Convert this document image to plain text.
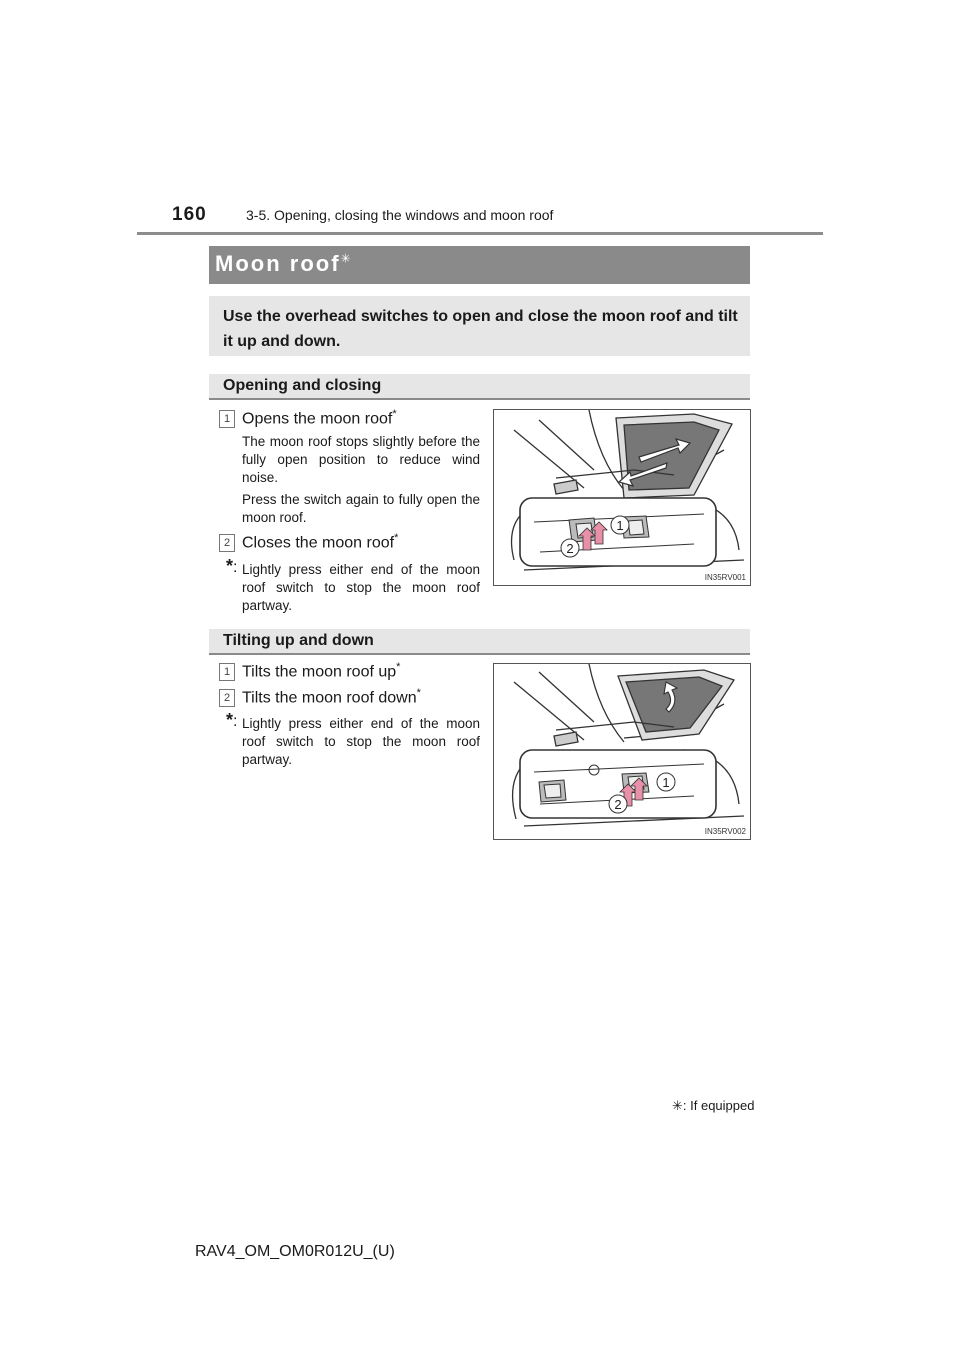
160	3-5. Opening, closing the windows and moon roof
Moon roof✳
Use the overhead switches to open and close the moon roof and tilt it up and down.
Opening and closing
1 Opens the moon roof*
The moon roof stops slightly before the fully open position to reduce wind noise.
Press the switch again to fully open the moon roof.
2 Closes the moon roof*
*: Lightly press either end of the moon roof switch to stop the moon roof partway.
1
2
IN35RV001
Tilting up and down
1 Tilts the moon roof up*
2 Tilts the moon roof down*
*: Lightly press either end of the moon roof switch to stop the moon roof partway.
1
2
IN35RV002
✳: If equipped
RAV4_OM_OM0R012U_(U)
